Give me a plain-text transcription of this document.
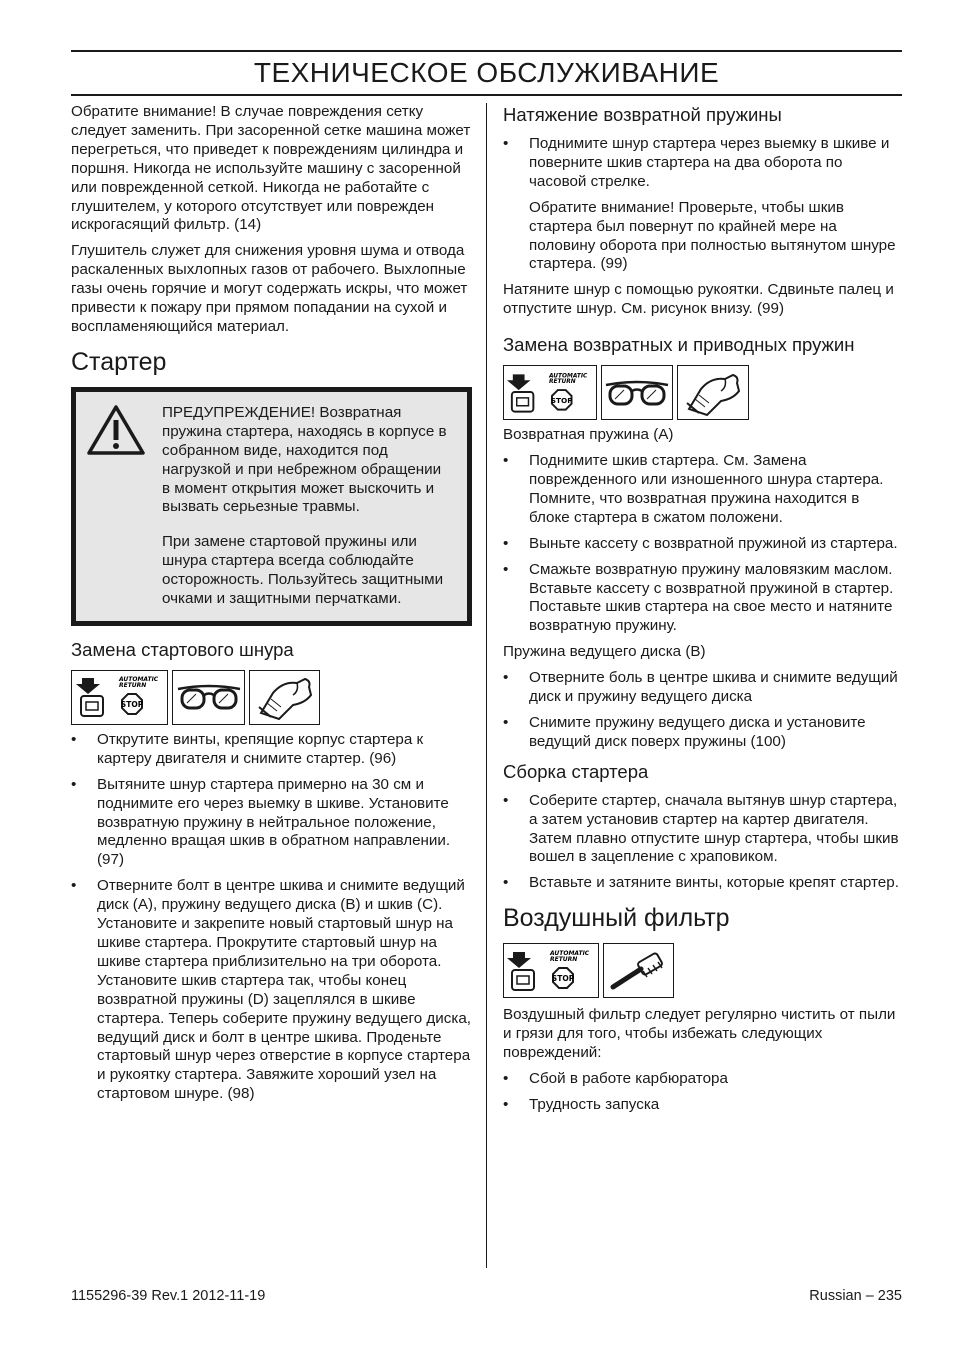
ТЕХНИЧЕСКОЕ ОБСЛУЖИВАНИЕ

Обратите внимание! В случае повреждения сетку следует заменить. При засоренной сетке машина может перегреться, что приведет к повреждениям цилиндра и поршня. Никогда не используйте машину с засоренной или поврежденной сеткой. Никогда не работайте с глушителем, у которого отсутствует или поврежден искрогасящий фильтр. (14)

Глушитель служет для снижения уровня шума и отвода раскаленных выхлопных газов от рабочего. Выхлопные газы очень горячие и могут содержать искры, что может привести к пожару при прямом попадании на сухой и воспламеняющийся материал.

Стартер

ПРЕДУПРЕЖДЕНИЕ! Возвратная пружина стартера, находясь в корпусе в собранном виде, находится под нагрузкой и при небрежном обращении в момент открытия может выскочить и вызвать серьезные травмы.

При замене стартовой пружины или шнура стартера всегда соблюдайте осторожность. Пользуйтесь защитными очками и защитными перчатками.

Замена стартового шнура
AUTOMATIC
RETURN
STOP
• Открутите винты, крепящие корпус стартера к картеру двигателя и снимите стартер. (96)
• Вытяните шнур стартера примерно на 30 см и поднимите его через выемку в шкиве. Установите возвратную пружину в нейтральное положение, медленно вращая шкив в обратном направлении. (97)
• Отверните болт в центре шкива и снимите ведущий диск (A), пружину ведущего диска (B) и шкив (C). Установите и закрепите новый стартовый шнур на шкиве стартера. Прокрутите стартовый шнур на шкиве стартера приблизительно на три оборота. Установите шкив стартера так, чтобы конец возвратной пружины (D) зацеплялся в шкиве стартера. Теперь соберите пружину ведущего диска, ведущий диск и болт в центре шкива. Проденьте стартовый шнур через отверстие в корпусе стартера и рукоятку стартера. Завяжите хороший узел на стартовом шнуре. (98)
Натяжение возвратной пружины
• Поднимите шнур стартера через выемку в шкиве и поверните шкив стартера на два оборота по часовой стрелке.

Обратите внимание! Проверьте, чтобы шкив стартера был повернут по крайней мере на половину оборота при полностью вытянутом шнуре стартера. (99)

Натяните шнур с помощью рукоятки. Сдвиньте палец и отпустите шнур. См. рисунок внизу. (99)

Замена возвратных и приводных пружин
AUTOMATIC
RETURN
STOP

Возвратная пружина (A)

• Поднимите шкив стартера. См. Замена поврежденного или изношенного шнура стартера. Помните, что возвратная пружина находится в блоке стартера в сжатом положени.
• Выньте кассету с возвратной пружиной из стартера.
• Смажьте возвратную пружину маловязким маслом. Вставьте кассету с возвратной пружиной в стартер. Поставьте шкив стартера на свое место и натяните возвратную пружину.

Пружина ведущего диска (B)

• Отверните боль в центре шкива и снимите ведущий диск и пружину ведущего диска
• Снимите пружину ведущего диска и установите ведущий диск поверх пружины (100)
Сборка стартера
• Соберите стартер, сначала вытянув шнур стартера, а затем установив стартер на картер двигателя. Затем плавно отпустите шнур стартера, чтобы шкив вошел в зацепление с храповиком.
• Вставьте и затяните винты, которые крепят стартер.
Воздушный фильтр
AUTOMATIC
RETURN
STOP

Воздушный фильтр следует регулярно чистить от пыли и грязи для того, чтобы избежать следующих повреждений:

• Сбой в работе карбюратора
• Трудность запуска
1155296-39 Rev.1 2012-11-19	Russian – 235
